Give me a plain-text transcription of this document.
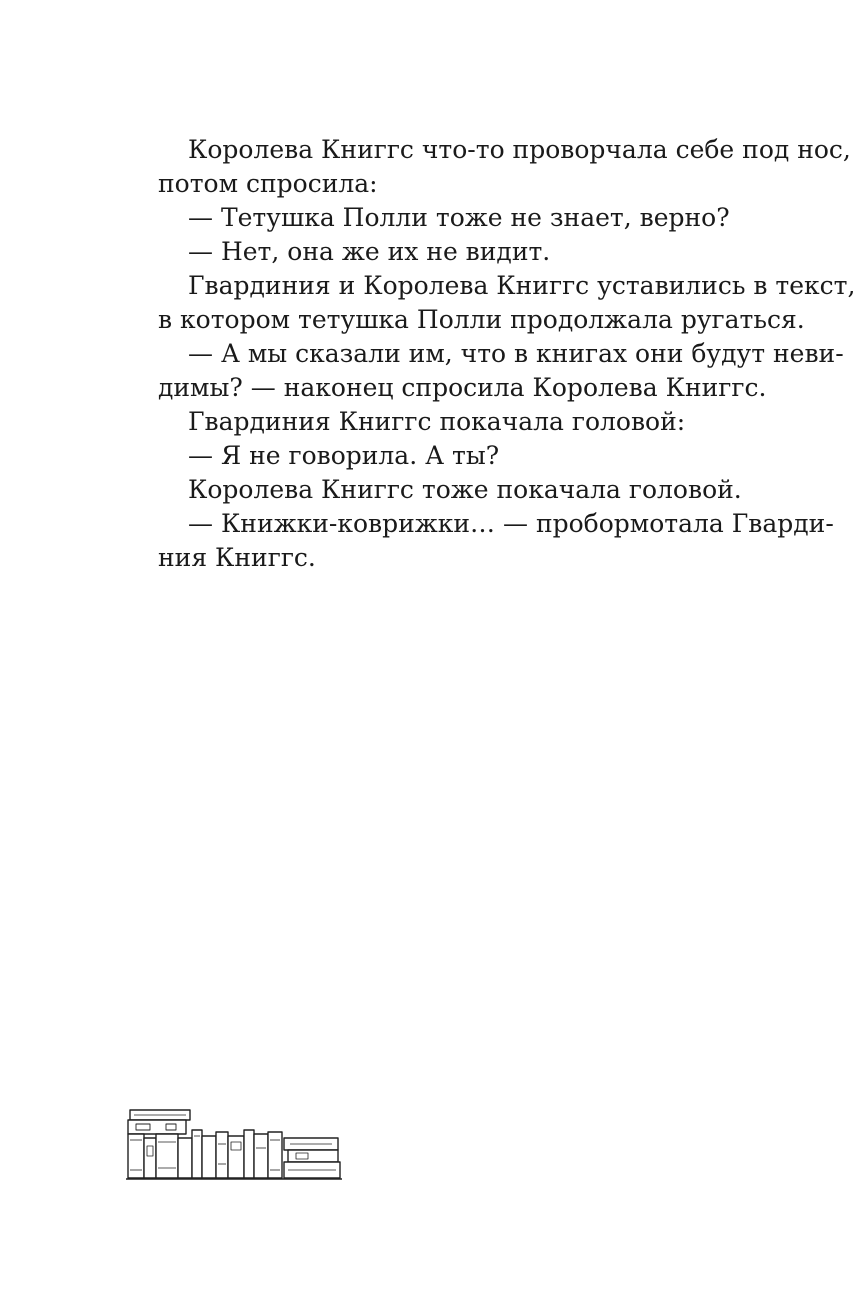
Королева Книггс что-то проворчала себе под нос,
потом спросила:
— Тетушка Полли тоже не знает, верно?
— Нет, она же их не видит.
Гвардиния и Королева Книггс уставились в текст,
в котором тетушка Полли продолжала ругаться.
— А мы сказали им, что в книгах они будут неви-
димы? — наконец спросила Королева Книггс.
Гвардиния Книггс покачала головой:
— Я не говорила. А ты?
Королева Книггс тоже покачала головой.
— Книжки-коврижки… — пробормотала Гварди-
ния Книггс.
